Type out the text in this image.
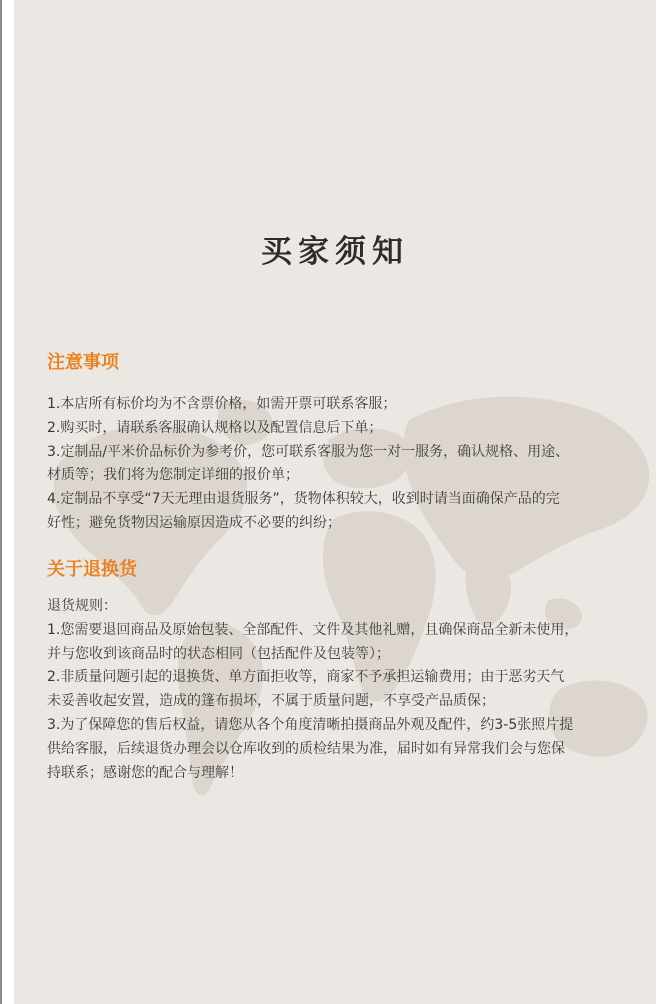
买家须知
注意事项
1.本店所有标价均为不含票价格，如需开票可联系客服；
2.购买时，请联系客服确认规格以及配置信息后下单；
3.定制品/平米价品标价为参考价，您可联系客服为您一对一服务，确认规格、用途、
材质等；我们将为您制定详细的报价单；
4.定制品不享受“7天无理由退货服务”，货物体积较大，收到时请当面确保产品的完
好性；避免货物因运输原因造成不必要的纠纷；
关于退换货
退货规则：
1.您需要退回商品及原始包装、全部配件、文件及其他礼赠，且确保商品全新未使用，
并与您收到该商品时的状态相同（包括配件及包装等）；
2.非质量问题引起的退换货、单方面拒收等，商家不予承担运输费用；由于恶劣天气
未妥善收起安置，造成的篷布损坏，不属于质量问题，不享受产品质保；
3.为了保障您的售后权益，请您从各个角度清晰拍摄商品外观及配件，约3-5张照片提
供给客服，后续退货办理会以仓库收到的质检结果为准，届时如有异常我们会与您保
持联系；感谢您的配合与理解！
